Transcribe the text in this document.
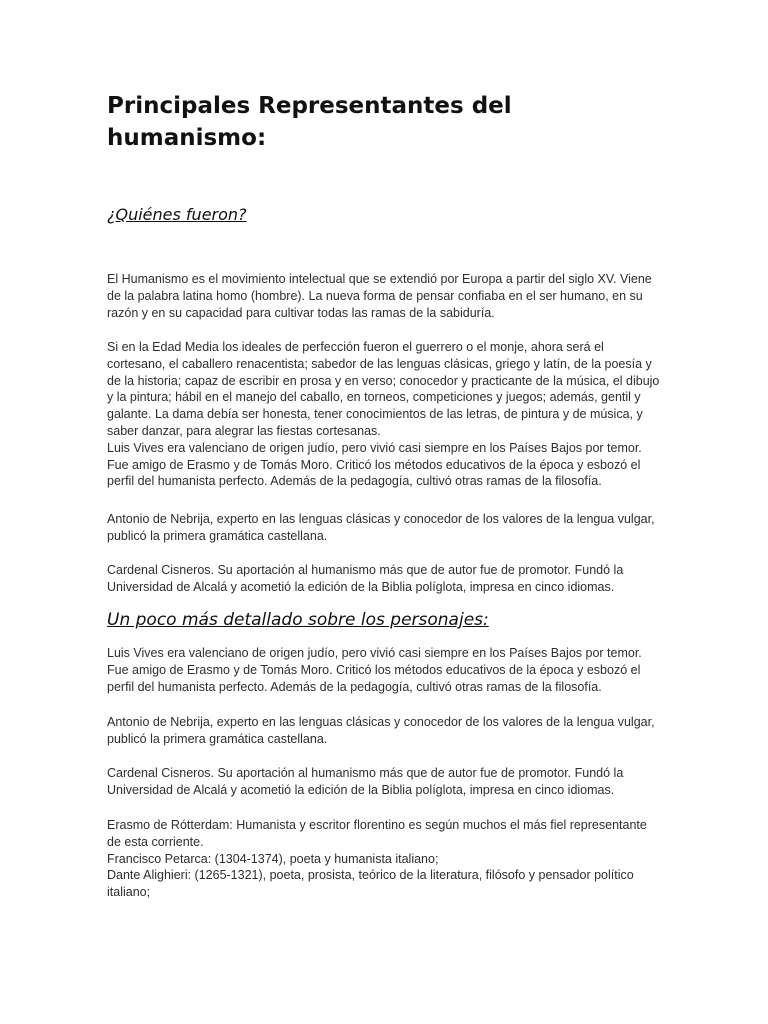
Principales Representantes del
humanismo:
¿Quiénes fueron?
El Humanismo es el movimiento intelectual que se extendió por Europa a partir del siglo XV. Viene
de la palabra latina homo (hombre). La nueva forma de pensar confiaba en el ser humano, en su
razón y en su capacidad para cultivar todas las ramas de la sabiduría.
Si en la Edad Media los ideales de perfección fueron el guerrero o el monje, ahora será el
cortesano, el caballero renacentista; sabedor de las lenguas clásicas, griego y latín, de la poesía y
de la historia; capaz de escribir en prosa y en verso; conocedor y practicante de la música, el dibujo
y la pintura; hábil en el manejo del caballo, en torneos, competiciones y juegos; además, gentil y
galante. La dama debía ser honesta, tener conocimientos de las letras, de pintura y de música, y
saber danzar, para alegrar las fiestas cortesanas.
Luis Vives era valenciano de origen judío, pero vivió casi siempre en los Países Bajos por temor.
Fue amigo de Erasmo y de Tomás Moro. Criticó los métodos educativos de la época y esbozó el
perfil del humanista perfecto. Además de la pedagogía, cultivó otras ramas de la filosofía.
Antonio de Nebrija, experto en las lenguas clásicas y conocedor de los valores de la lengua vulgar,
publicó la primera gramática castellana.
Cardenal Cisneros. Su aportación al humanismo más que de autor fue de promotor. Fundó la
Universidad de Alcalá y acometió la edición de la Biblia políglota, impresa en cinco idiomas.
Un poco más detallado sobre los personajes:
Luis Vives era valenciano de origen judío, pero vivió casi siempre en los Países Bajos por temor.
Fue amigo de Erasmo y de Tomás Moro. Criticó los métodos educativos de la época y esbozó el
perfil del humanista perfecto. Además de la pedagogía, cultivó otras ramas de la filosofía.
Antonio de Nebrija, experto en las lenguas clásicas y conocedor de los valores de la lengua vulgar,
publicó la primera gramática castellana.
Cardenal Cisneros. Su aportación al humanismo más que de autor fue de promotor. Fundó la
Universidad de Alcalá y acometió la edición de la Biblia políglota, impresa en cinco idiomas.
Erasmo de Rótterdam: Humanista y escritor florentino es según muchos el más fiel representante
de esta corriente.
Francisco Petarca: (1304-1374), poeta y humanista italiano;
Dante Alighieri: (1265-1321), poeta, prosista, teórico de la literatura, filósofo y pensador político
italiano;
